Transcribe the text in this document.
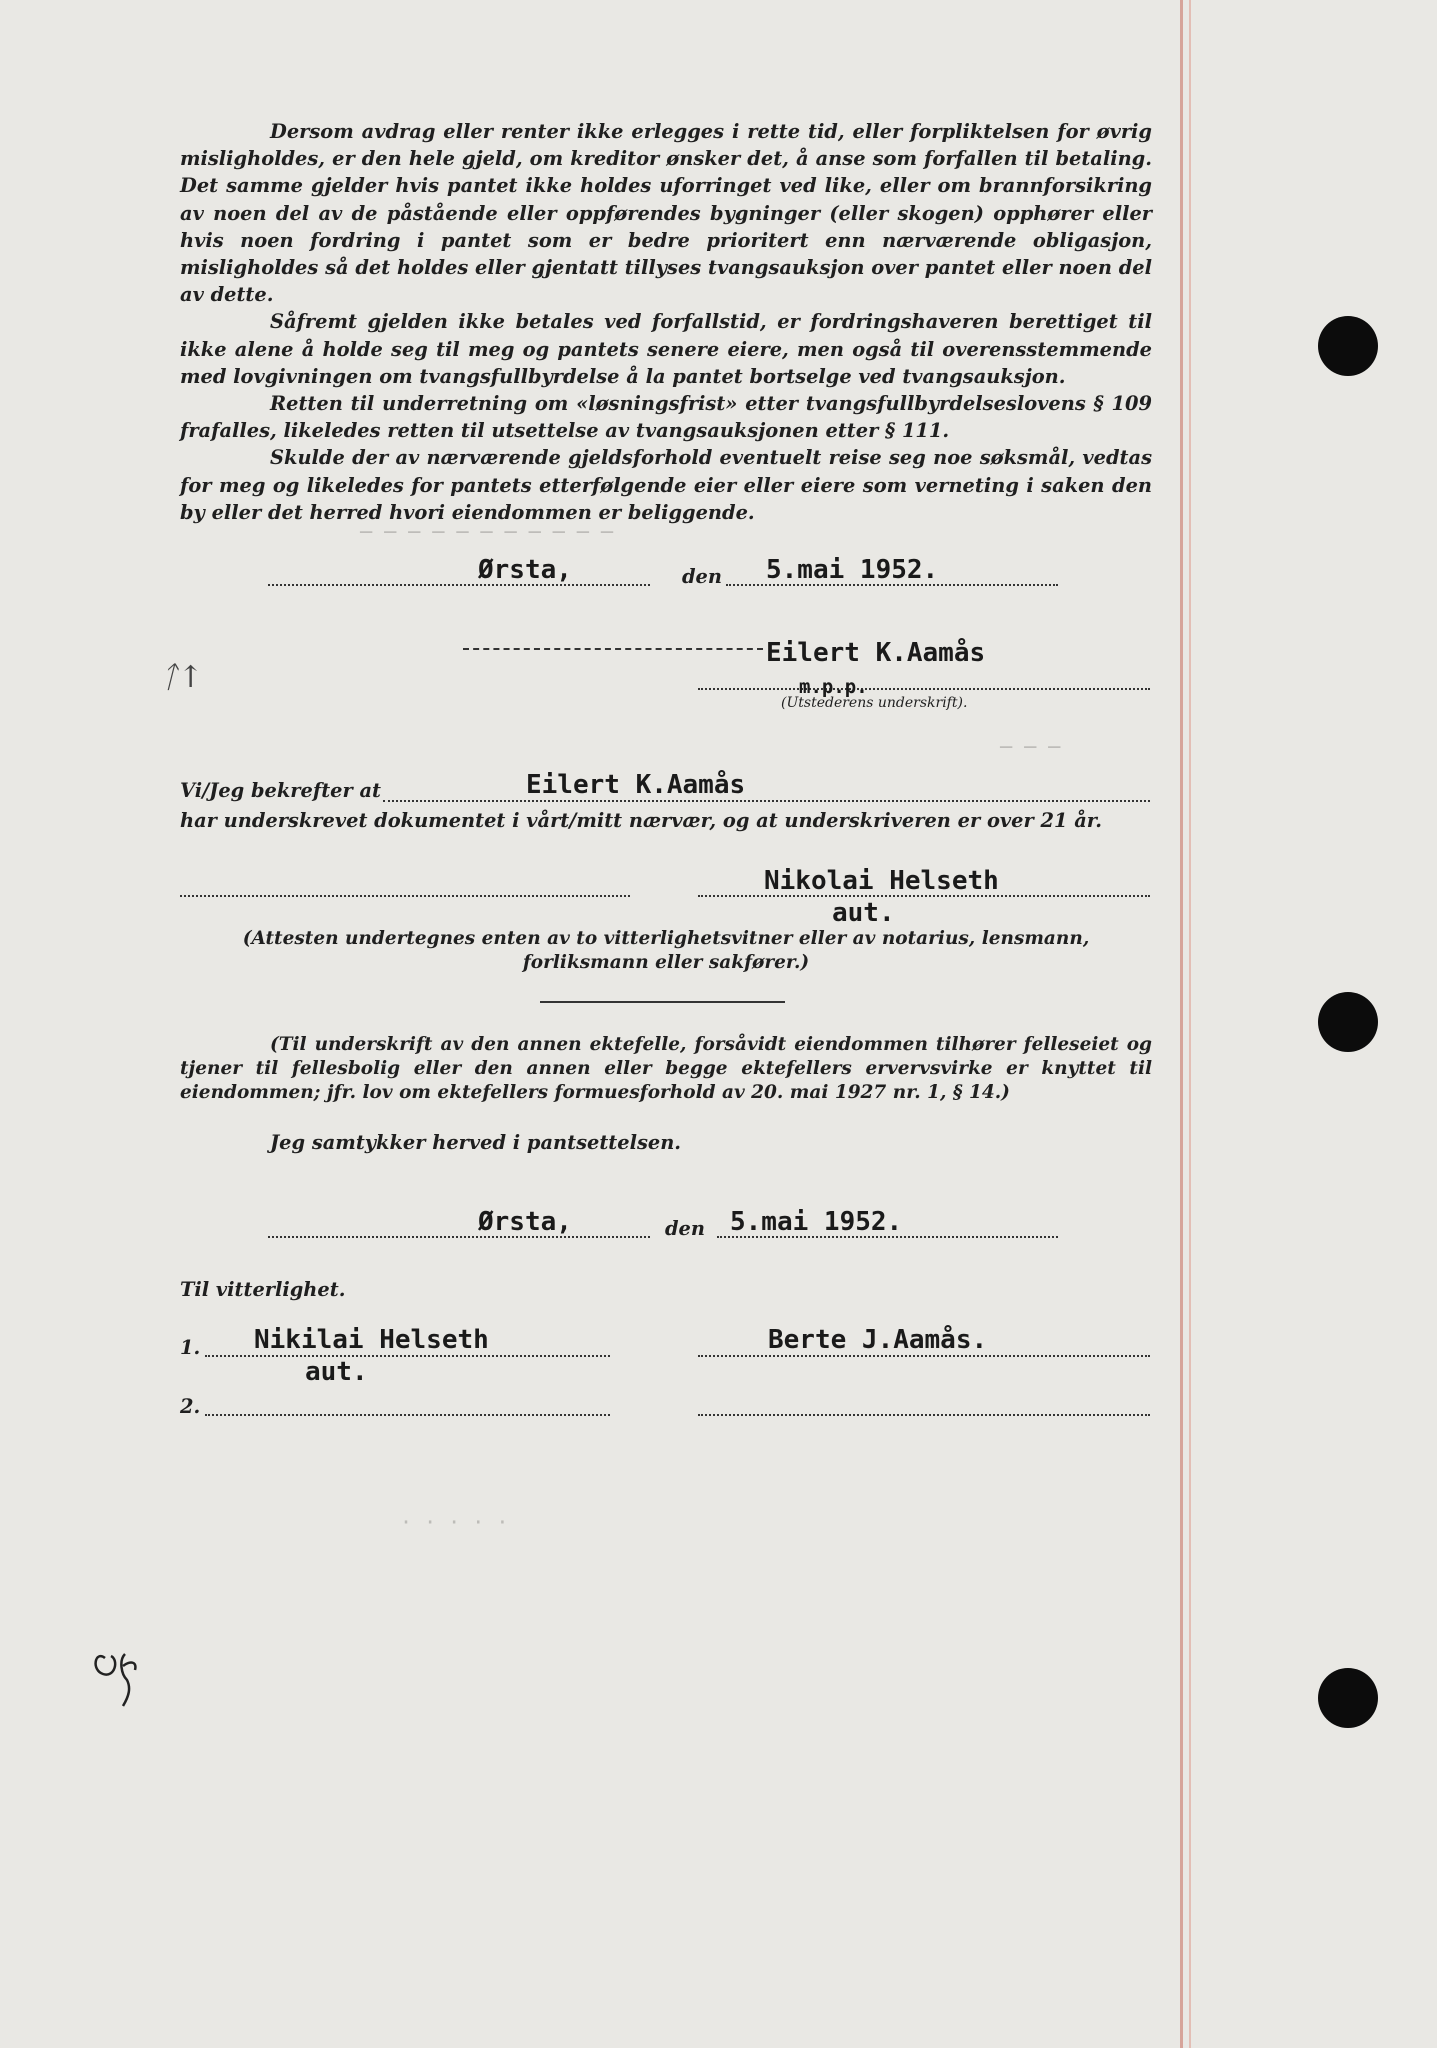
─ ─ ─ ─ ─ ─ ─ ─ ─ ─ ─
─ ─ ─
· · · · ·

Dersom avdrag eller renter ikke erlegges i rette tid, eller forpliktelsen for øvrig misligholdes, er den hele gjeld, om kreditor ønsker det, å anse som forfallen til betaling. Det samme gjelder hvis pantet ikke holdes uforringet ved like, eller om brannforsikring av noen del av de påstående eller oppførendes bygninger (eller skogen) opphører eller hvis noen fordring i pantet som er bedre prioritert enn nærværende obligasjon, misligholdes så det holdes eller gjentatt tillyses tvangsauksjon over pantet eller noen del av dette.

Såfremt gjelden ikke betales ved forfallstid, er fordringshaveren berettiget til ikke alene å holde seg til meg og pantets senere eiere, men også til overensstemmende med lovgivningen om tvangsfullbyrdelse å la pantet bortselge ved tvangsauksjon.

Retten til underretning om «løsningsfrist» etter tvangsfullbyrdelseslovens § 109 frafalles, likeledes retten til utsettelse av tvangsauksjonen etter § 111.

Skulde der av nærværende gjeldsforhold eventuelt reise seg noe søksmål, vedtas for meg og likeledes for pantets etterfølgende eier eller eiere som verneting i saken den by eller det herred hvori eiendommen er beliggende.

Ørsta,	den 5.mai 1952.
Eilert K.Aamås
m.p.p.
(Utstederens underskrift).
ᛏ↑
Vi/Jeg bekrefter at	Eilert K.Aamås
har underskrevet dokumentet i vårt/mitt nærvær, og at underskriveren er over 21 år.
Nikolai Helseth
aut.
(Attesten undertegnes enten av to vitterlighetsvitner eller av notarius, lensmann, forliksmann eller sakfører.)
(Til underskrift av den annen ektefelle, forsåvidt eiendommen tilhører felleseiet og tjener til fellesbolig eller den annen eller begge ektefellers ervervsvirke er knyttet til eiendommen; jfr. lov om ektefellers formuesforhold av 20. mai 1927 nr. 1, § 14.)
Jeg samtykker herved i pantsettelsen.
Ørsta,	den 5.mai 1952.
Til vitterlighet.
1. Nikilai Helseth
aut.
Berte J.Aamås.
2.
